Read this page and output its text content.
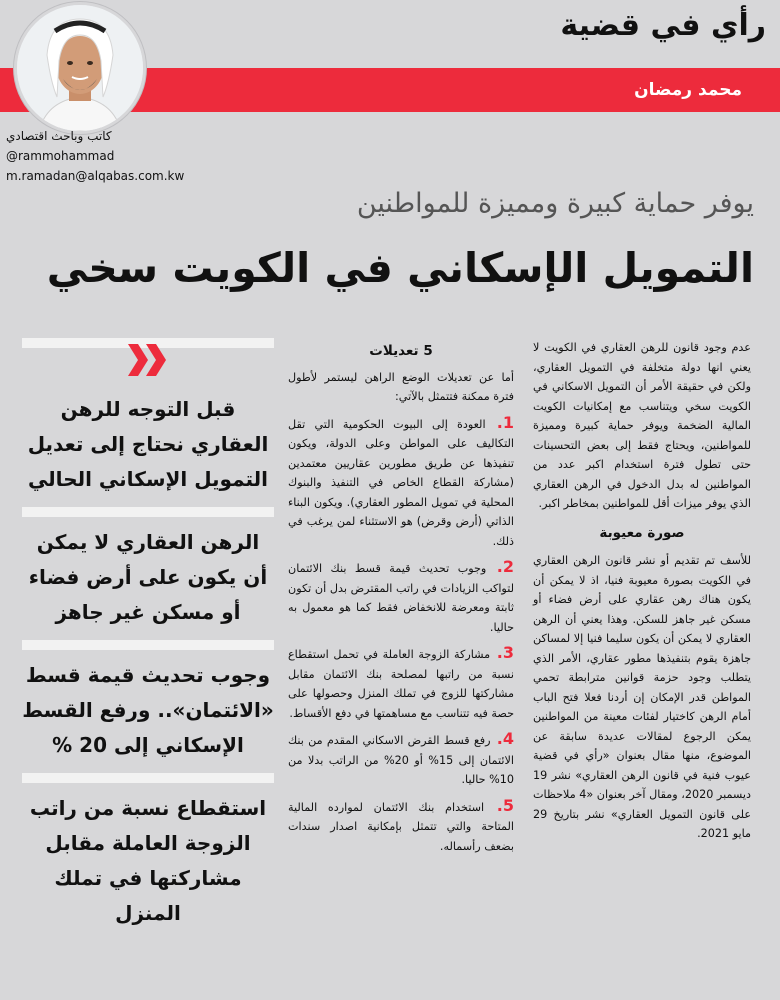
رأي في قضية
محمد رمضان
كاتب وباحث اقتصادي
@rammohammad
m.ramadan@alqabas.com.kw
يوفر حماية كبيرة ومميزة للمواطنين
التمويل الإسكاني في الكويت سخي
عدم وجود قانون للرهن العقاري في الكويت لا يعني انها دولة متخلفة في التمويل العقاري، ولكن في حقيقة الأمر أن التمويل الاسكاني في الكويت سخي ويتناسب مع إمكانيات الكويت المالية الضخمة ويوفر حماية كبيرة ومميزة للمواطنين، ويحتاج فقط إلى بعض التحسينات حتى تطول فترة استخدام اكبر عدد من المواطنين له بدل الدخول في الرهن العقاري الذي يوفر ميزات أقل للمواطنين بمخاطر اكبر.
صورة معيوبة
للأسف تم تقديم أو نشر قانون الرهن العقاري في الكويت بصورة معيوبة فنيا، اذ لا يمكن أن يكون هناك رهن عقاري على أرض فضاء أو مسكن غير جاهز للسكن. وهذا يعني أن الرهن العقاري لا يمكن أن يكون سليما فنيا إلا لمساكن جاهزة يقوم بتنفيذها مطور عقاري، الأمر الذي يتطلب وجود حزمة قوانين مترابطة تحمي المواطن قدر الإمكان إن أردنا فعلا فتح الباب أمام الرهن كاختيار لفئات معينة من المواطنين يمكن الرجوع لمقالات عديدة سابقة عن الموضوع، منها مقال بعنوان «رأي في قضية عيوب فنية في قانون الرهن العقاري» نشر 19 ديسمبر 2020، ومقال آخر بعنوان «4 ملاحظات على قانون التمويل العقاري» نشر بتاريخ 29 مايو 2021.
5 تعديلات
أما عن تعديلات الوضع الراهن ليستمر لأطول فترة ممكنة فتتمثل بالآتي:
1. العودة إلى البيوت الحكومية التي تقل التكاليف على المواطن وعلى الدولة، ويكون تنفيذها عن طريق مطورين عقاريين معتمدين (مشاركة القطاع الخاص في التنفيذ والبنوك المحلية في تمويل المطور العقاري). ويكون البناء الذاتي (أرض وقرض) هو الاستثناء لمن يرغب في ذلك.
2. وجوب تحديث قيمة قسط بنك الائتمان لتواكب الزيادات في راتب المقترض بدل أن تكون ثابتة ومعرضة للانخفاض فقط كما هو معمول به حاليا.
3. مشاركة الزوجة العاملة في تحمل استقطاع نسبة من راتبها لمصلحة بنك الائتمان مقابل مشاركتها للزوج في تملك المنزل وحصولها على حصة فيه تتناسب مع مساهمتها في دفع الأقساط.
4. رفع قسط القرض الاسكاني المقدم من بنك الائتمان إلى 15% أو 20% من الراتب بدلا من 10% حاليا.
5. استخدام بنك الائتمان لموارده المالية المتاحة والتي تتمثل بإمكانية اصدار سندات بضعف رأسماله.
قبل التوجه للرهن العقاري نحتاج إلى تعديل التمويل الإسكاني الحالي
الرهن العقاري لا يمكن أن يكون على أرض فضاء أو مسكن غير جاهز
وجوب تحديث قيمة قسط «الائتمان».. ورفع القسط الإسكاني إلى 20 %
استقطاع نسبة من راتب الزوجة العاملة مقابل مشاركتها في تملك المنزل
